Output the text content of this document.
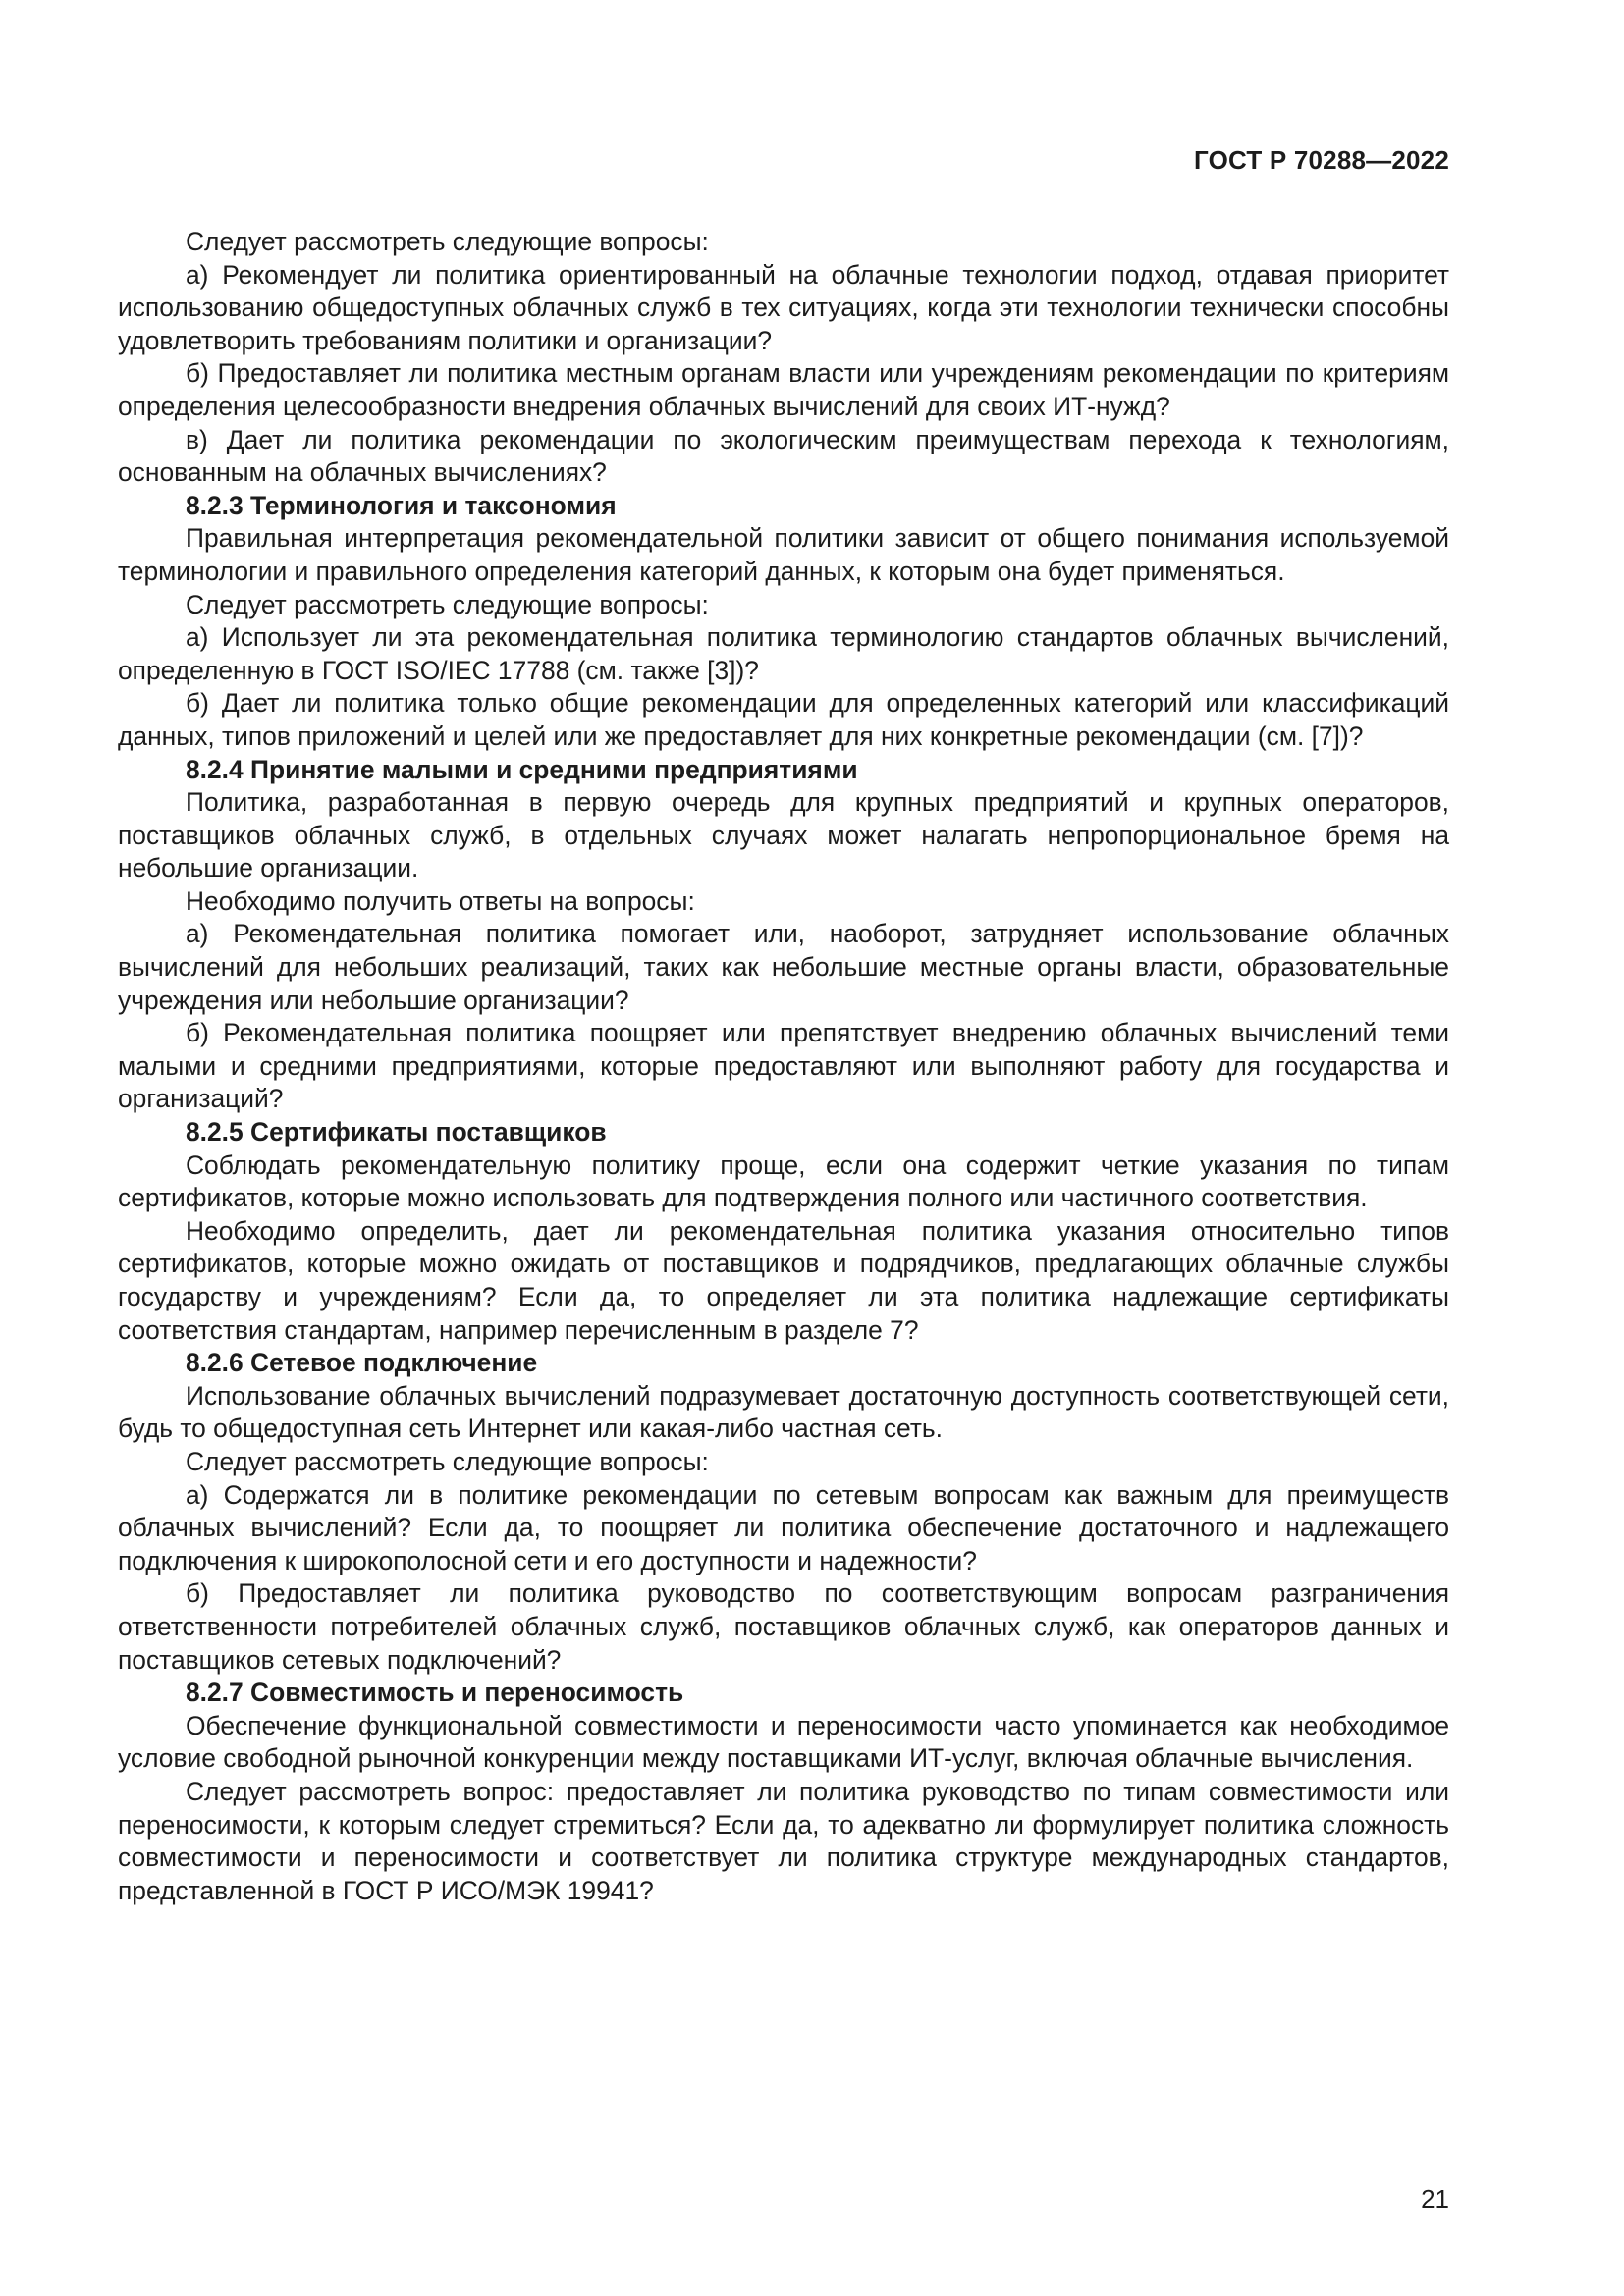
ГОСТ Р 70288—2022

Следует рассмотреть следующие вопросы:

а) Рекомендует ли политика ориентированный на облачные технологии подход, отдавая приоритет использованию общедоступных облачных служб в тех ситуациях, когда эти технологии технически способны удовлетворить требованиям политики и организации?

б) Предоставляет ли политика местным органам власти или учреждениям рекомендации по критериям определения целесообразности внедрения облачных вычислений для своих ИТ-нужд?

в) Дает ли политика рекомендации по экологическим преимуществам перехода к технологиям, основанным на облачных вычислениях?

8.2.3 Терминология и таксономия

Правильная интерпретация рекомендательной политики зависит от общего понимания используемой терминологии и правильного определения категорий данных, к которым она будет применяться.

Следует рассмотреть следующие вопросы:

а) Использует ли эта рекомендательная политика терминологию стандартов облачных вычислений, определенную в ГОСТ ISO/IEC 17788 (см. также [3])?

б) Дает ли политика только общие рекомендации для определенных категорий или классификаций данных, типов приложений и целей или же предоставляет для них конкретные рекомендации (см. [7])?

8.2.4 Принятие малыми и средними предприятиями

Политика, разработанная в первую очередь для крупных предприятий и крупных операторов, поставщиков облачных служб, в отдельных случаях может налагать непропорциональное бремя на небольшие организации.

Необходимо получить ответы на вопросы:

а) Рекомендательная политика помогает или, наоборот, затрудняет использование облачных вычислений для небольших реализаций, таких как небольшие местные органы власти, образовательные учреждения или небольшие организации?

б) Рекомендательная политика поощряет или препятствует внедрению облачных вычислений теми малыми и средними предприятиями, которые предоставляют или выполняют работу для государства и организаций?

8.2.5 Сертификаты поставщиков

Соблюдать рекомендательную политику проще, если она содержит четкие указания по типам сертификатов, которые можно использовать для подтверждения полного или частичного соответствия.

Необходимо определить, дает ли рекомендательная политика указания относительно типов сертификатов, которые можно ожидать от поставщиков и подрядчиков, предлагающих облачные службы государству и учреждениям? Если да, то определяет ли эта политика надлежащие сертификаты соответствия стандартам, например перечисленным в разделе 7?

8.2.6 Сетевое подключение

Использование облачных вычислений подразумевает достаточную доступность соответствующей сети, будь то общедоступная сеть Интернет или какая-либо частная сеть.

Следует рассмотреть следующие вопросы:

а) Содержатся ли в политике рекомендации по сетевым вопросам как важным для преимуществ облачных вычислений? Если да, то поощряет ли политика обеспечение достаточного и надлежащего подключения к широкополосной сети и его доступности и надежности?

б) Предоставляет ли политика руководство по соответствующим вопросам разграничения ответственности потребителей облачных служб, поставщиков облачных служб, как операторов данных и поставщиков сетевых подключений?

8.2.7 Совместимость и переносимость

Обеспечение функциональной совместимости и переносимости часто упоминается как необходимое условие свободной рыночной конкуренции между поставщиками ИТ-услуг, включая облачные вычисления.

Следует рассмотреть вопрос: предоставляет ли политика руководство по типам совместимости или переносимости, к которым следует стремиться? Если да, то адекватно ли формулирует политика сложность совместимости и переносимости и соответствует ли политика структуре международных стандартов, представленной в ГОСТ Р ИСО/МЭК 19941?

21
